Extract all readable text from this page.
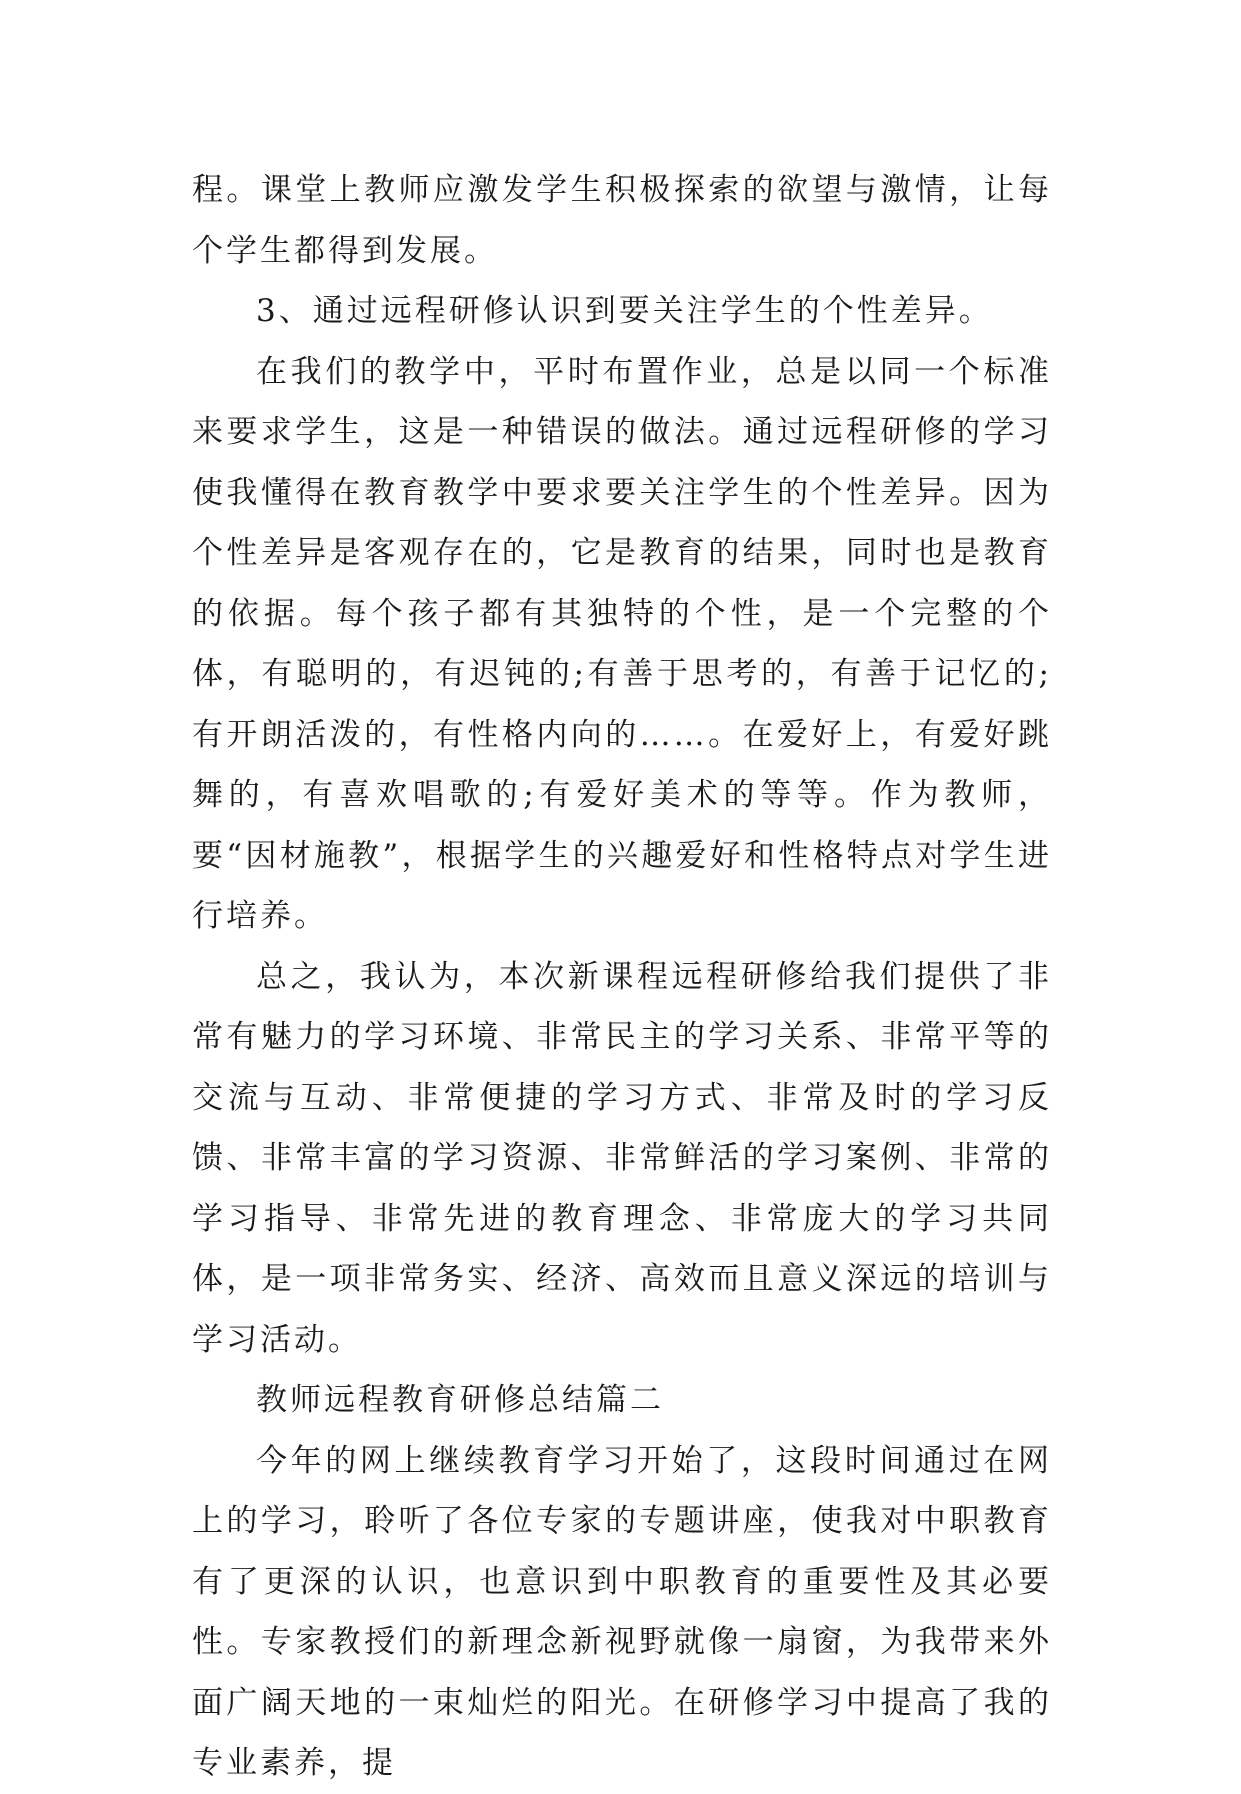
程。课堂上教师应激发学生积极探索的欲望与激情，让每个学生都得到发展。

3、通过远程研修认识到要关注学生的个性差异。

在我们的教学中，平时布置作业，总是以同一个标准来要求学生，这是一种错误的做法。通过远程研修的学习使我懂得在教育教学中要求要关注学生的个性差异。因为个性差异是客观存在的，它是教育的结果，同时也是教育的依据。每个孩子都有其独特的个性，是一个完整的个体，有聪明的，有迟钝的;有善于思考的，有善于记忆的;有开朗活泼的，有性格内向的……。在爱好上，有爱好跳舞的，有喜欢唱歌的;有爱好美术的等等。作为教师，要“因材施教”，根据学生的兴趣爱好和性格特点对学生进行培养。

总之，我认为，本次新课程远程研修给我们提供了非常有魅力的学习环境、非常民主的学习关系、非常平等的交流与互动、非常便捷的学习方式、非常及时的学习反馈、非常丰富的学习资源、非常鲜活的学习案例、非常的学习指导、非常先进的教育理念、非常庞大的学习共同体，是一项非常务实、经济、高效而且意义深远的培训与学习活动。

教师远程教育研修总结篇二

今年的网上继续教育学习开始了，这段时间通过在网上的学习，聆听了各位专家的专题讲座，使我对中职教育有了更深的认识，也意识到中职教育的重要性及其必要性。专家教授们的新理念新视野就像一扇窗，为我带来外面广阔天地的一束灿烂的阳光。在研修学习中提高了我的专业素养，提
